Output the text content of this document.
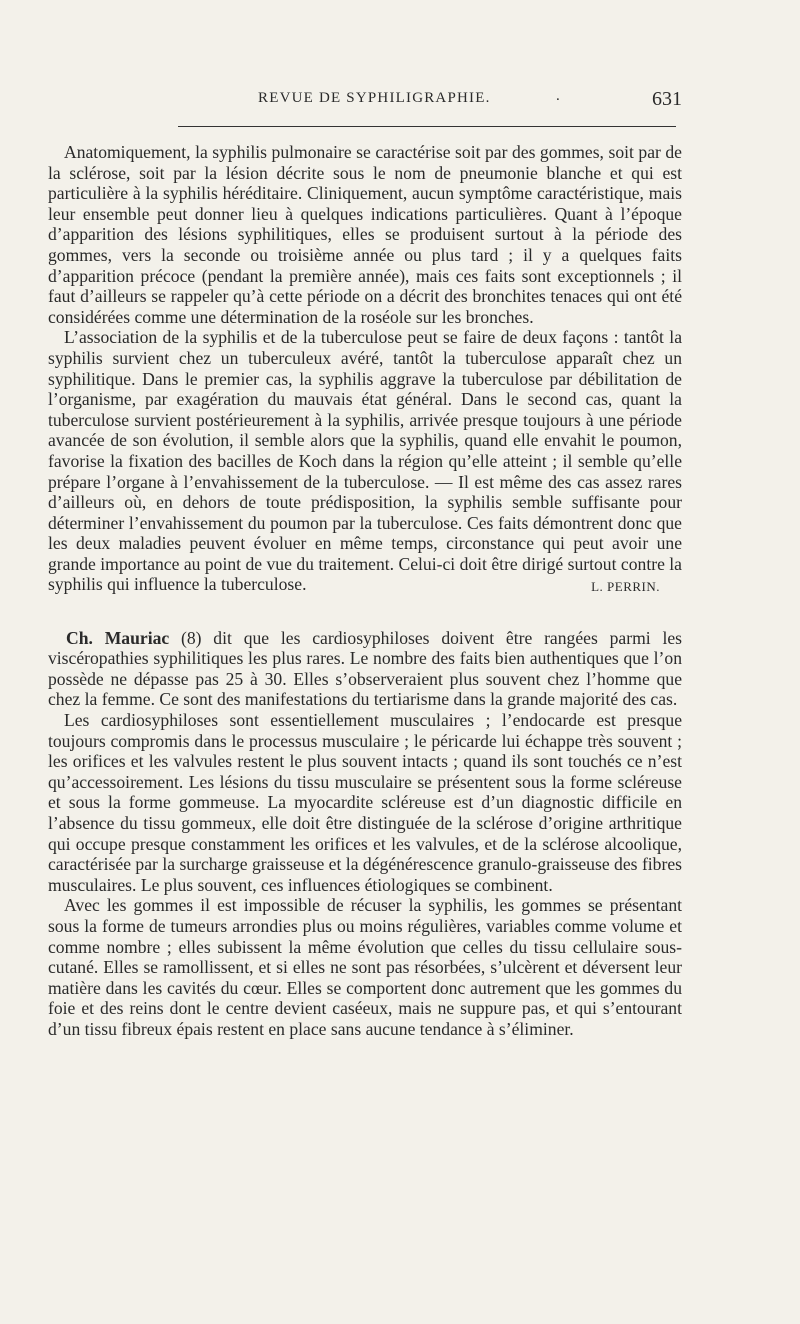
REVUE DE SYPHILIGRAPHIE.	.	631

Anatomiquement, la syphilis pulmonaire se caractérise soit par des gommes, soit par de la sclérose, soit par la lésion décrite sous le nom de pneumonie blanche et qui est particulière à la syphilis héréditaire. Cliniquement, aucun symptôme caractéristique, mais leur ensemble peut donner lieu à quelques indications particulières. Quant à l’époque d’apparition des lésions syphilitiques, elles se produisent surtout à la période des gommes, vers la seconde ou troisième année ou plus tard ; il y a quelques faits d’apparition précoce (pendant la première année), mais ces faits sont exceptionnels ; il faut d’ailleurs se rappeler qu’à cette période on a décrit des bronchites tenaces qui ont été considérées comme une détermination de la roséole sur les bronches.

L’association de la syphilis et de la tuberculose peut se faire de deux façons : tantôt la syphilis survient chez un tuberculeux avéré, tantôt la tuberculose apparaît chez un syphilitique. Dans le premier cas, la syphilis aggrave la tuberculose par débilitation de l’organisme, par exagération du mauvais état général. Dans le second cas, quant la tuberculose survient postérieurement à la syphilis, arrivée presque toujours à une période avancée de son évolution, il semble alors que la syphilis, quand elle envahit le poumon, favorise la fixation des bacilles de Koch dans la région qu’elle atteint ; il semble qu’elle prépare l’organe à l’envahissement de la tuberculose. — Il est même des cas assez rares d’ailleurs où, en dehors de toute prédisposition, la syphilis semble suffisante pour déterminer l’envahissement du poumon par la tuberculose. Ces faits démontrent donc que les deux maladies peuvent évoluer en même temps, circonstance qui peut avoir une grande importance au point de vue du traitement. Celui-ci doit être dirigé surtout contre la syphilis qui influence la tuberculose.	L. PERRIN.

Ch. Mauriac (8) dit que les cardiosyphiloses doivent être rangées parmi les viscéropathies syphilitiques les plus rares. Le nombre des faits bien authentiques que l’on possède ne dépasse pas 25 à 30. Elles s’observeraient plus souvent chez l’homme que chez la femme. Ce sont des manifestations du tertiarisme dans la grande majorité des cas.

Les cardiosyphiloses sont essentiellement musculaires ; l’endocarde est presque toujours compromis dans le processus musculaire ; le péricarde lui échappe très souvent ; les orifices et les valvules restent le plus souvent intacts ; quand ils sont touchés ce n’est qu’accessoirement. Les lésions du tissu musculaire se présentent sous la forme scléreuse et sous la forme gommeuse. La myocardite scléreuse est d’un diagnostic difficile en l’absence du tissu gommeux, elle doit être distinguée de la sclérose d’origine arthritique qui occupe presque constamment les orifices et les valvules, et de la sclérose alcoolique, caractérisée par la surcharge graisseuse et la dégénérescence granulo-graisseuse des fibres musculaires. Le plus souvent, ces influences étiologiques se combinent.

Avec les gommes il est impossible de récuser la syphilis, les gommes se présentant sous la forme de tumeurs arrondies plus ou moins régulières, variables comme volume et comme nombre ; elles subissent la même évolution que celles du tissu cellulaire sous-cutané. Elles se ramollissent, et si elles ne sont pas résorbées, s’ulcèrent et déversent leur matière dans les cavités du cœur. Elles se comportent donc autrement que les gommes du foie et des reins dont le centre devient caséeux, mais ne suppure pas, et qui s’entourant d’un tissu fibreux épais restent en place sans aucune tendance à s’éliminer.
